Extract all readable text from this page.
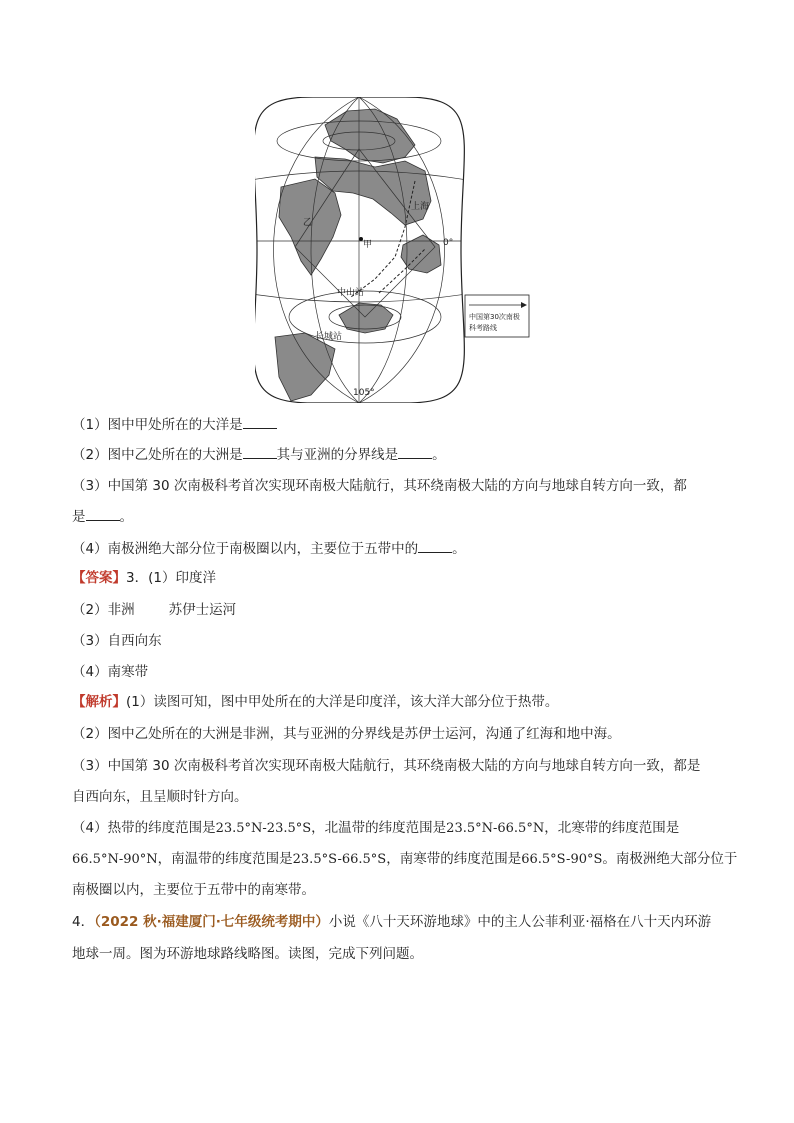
上海
甲
乙
0°
中山站
长城站
105°
中国第30次南极
科考路线
（1）图中甲处所在的大洋是
（2）图中乙处所在的大洲是	其与亚洲的分界线是	。
（3）中国第 30 次南极科考首次实现环南极大陆航行，其环绕南极大陆的方向与地球自转方向一致，都
是	。
（4）南极洲绝大部分位于南极圈以内，主要位于五带中的	。
【答案】3．(1）印度洋
（2）非洲	苏伊士运河
（3）自西向东
（4）南寒带
【解析】(1）读图可知，图中甲处所在的大洋是印度洋，该大洋大部分位于热带。
（2）图中乙处所在的大洲是非洲，其与亚洲的分界线是苏伊士运河，沟通了红海和地中海。
（3）中国第 30 次南极科考首次实现环南极大陆航行，其环绕南极大陆的方向与地球自转方向一致，都是
自西向东，且呈顺时针方向。
（4）热带的纬度范围是23.5°N-23.5°S，北温带的纬度范围是23.5°N-66.5°N，北寒带的纬度范围是
66.5°N-90°N，南温带的纬度范围是23.5°S-66.5°S，南寒带的纬度范围是66.5°S-90°S。南极洲绝大部分位于
南极圈以内，主要位于五带中的南寒带。
4．（2022 秋·福建厦门·七年级统考期中）小说《八十天环游地球》中的主人公菲利亚·福格在八十天内环游
地球一周。图为环游地球路线略图。读图，完成下列问题。
